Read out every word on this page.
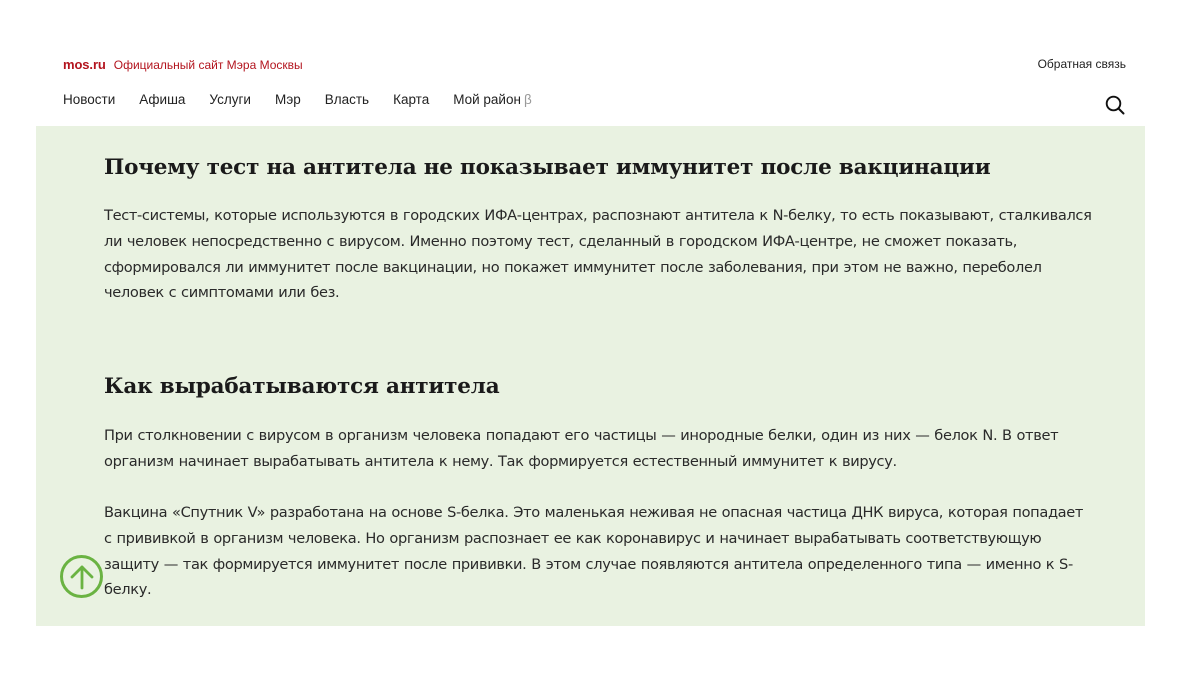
mos.ru Официальный сайт Мэра Москвы	Обратная связь
Новости Афиша Услуги Мэр Власть Карта Мой район β
Почему тест на антитела не показывает иммунитет после вакцинации

Тест-системы, которые используются в городских ИФА-центрах, распознают антитела к N-белку, то есть показывают, сталкивался ли человек непосредственно с вирусом. Именно поэтому тест, сделанный в городском ИФА-центре, не сможет показать, сформировался ли иммунитет после вакцинации, но покажет иммунитет после заболевания, при этом не важно, переболел человек с симптомами или без.

Как вырабатываются антитела

При столкновении с вирусом в организм человека попадают его частицы — инородные белки, один из них — белок N. В ответ организм начинает вырабатывать антитела к нему. Так формируется естественный иммунитет к вирусу.

Вакцина «Спутник V» разработана на основе S-белка. Это маленькая неживая не опасная частица ДНК вируса, которая попадает с прививкой в организм человека. Но организм распознает ее как коронавирус и начинает вырабатывать соответствующую защиту — так формируется иммунитет после прививки. В этом случае появляются антитела определенного типа — именно к S-белку.
